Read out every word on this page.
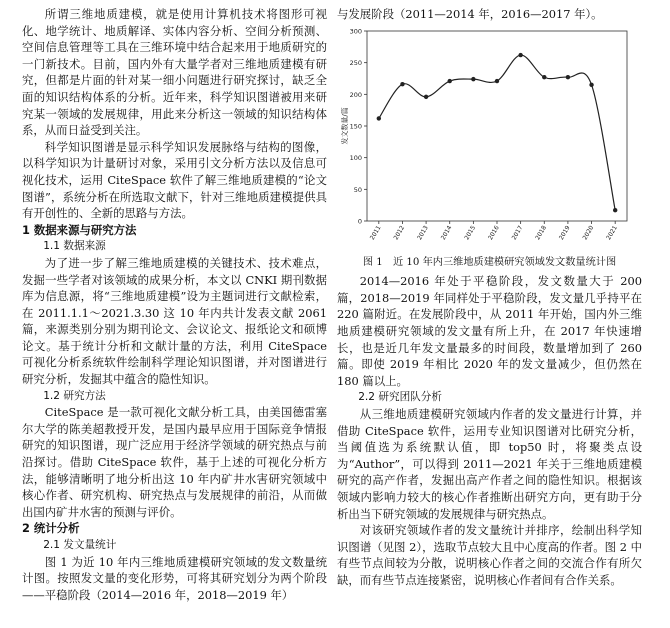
所谓三维地质建模，就是使用计算机技术将图形可视化、地学统计、地质解译、实体内容分析、空间分析预测、空间信息管理等工具在三维环境中结合起来用于地质研究的一门新技术。目前，国内外有大量学者对三维地质建模有研究，但都是片面的针对某一细小问题进行研究探讨，缺乏全面的知识结构体系的分析。近年来，科学知识图谱被用来研究某一领域的发展规律，用此来分析这一领域的知识结构体系，从而日益受到关注。

科学知识图谱是显示科学知识发展脉络与结构的图像，以科学知识为计量研讨对象，采用引文分析方法以及信息可视化技术，运用 CiteSpace 软件了解三维地质建模的“论文图谱”，系统分析在所选取文献下，针对三维地质建模提供具有开创性的、全新的思路与方法。

1 数据来源与研究方法

1.1 数据来源

为了进一步了解三维地质建模的关键技术、技术难点，发掘一些学者对该领域的成果分析，本文以 CNKI 期刊数据库为信息源，将“三维地质建模”设为主题词进行文献检索，在 2011.1.1～2021.3.30 这 10 年内共计发表文献 2061 篇，来源类别分别为期刊论文、会议论文、报纸论文和硕博论文。基于统计分析和文献计量的方法，利用 CiteSpace 可视化分析系统软件绘制科学理论知识图谱，并对图谱进行研究分析，发掘其中蕴含的隐性知识。

1.2 研究方法

CiteSpace 是一款可视化文献分析工具，由美国德雷塞尔大学的陈美超教授开发，是国内最早应用于国际竞争情报研究的知识图谱，现广泛应用于经济学领域的研究热点与前沿探讨。借助 CiteSpace 软件，基于上述的可视化分析方法，能够清晰明了地分析出这 10 年内矿井水害研究领域中核心作者、研究机构、研究热点与发展规律的前沿，从而做出国内矿井水害的预测与评价。

2 统计分析

2.1 发文量统计

图 1 为近 10 年内三维地质建模研究领域的发文数量统计图。按照发文量的变化形势，可将其研究划分为两个阶段——平稳阶段（2014—2016 年，2018—2019 年）

与发展阶段（2011—2014 年，2016—2017 年）。

0
50
100
150
200
250
300
2011 2012 2013 2014 2015 2016 2017 2018 2019 2020 2021
发文数量/篇

图 1　近 10 年内三维地质建模研究领域发文数量统计图

2014—2016 年处于平稳阶段，发文数量大于 200 篇，2018—2019 年同样处于平稳阶段，发文量几乎持平在 220 篇附近。在发展阶段中，从 2011 年开始，国内外三维地质建模研究领域的发文量有所上升，在 2017 年快速增长，也是近几年发文量最多的时间段，数量增加到了 260 篇。即使 2019 年相比 2020 年的发文量减少，但仍然在 180 篇以上。

2.2 研究团队分析

从三维地质建模研究领域内作者的发文量进行计算，并借助 CiteSpace 软件，运用专业知识图谱对比研究分析，当阈值选为系统默认值，即 top50 时，将聚类点设为“Author”，可以得到 2011—2021 年关于三维地质建模研究的高产作者，发掘出高产作者之间的隐性知识。根据该领域内影响力较大的核心作者推断出研究方向，更有助于分析出当下研究领域的发展规律与研究热点。

对该研究领域作者的发文量统计并排序，绘制出科学知识图谱（见图 2），选取节点较大且中心度高的作者。图 2 中有些节点间较为分散，说明核心作者之间的交流合作有所欠缺，而有些节点连接紧密，说明核心作者间有合作关系。
